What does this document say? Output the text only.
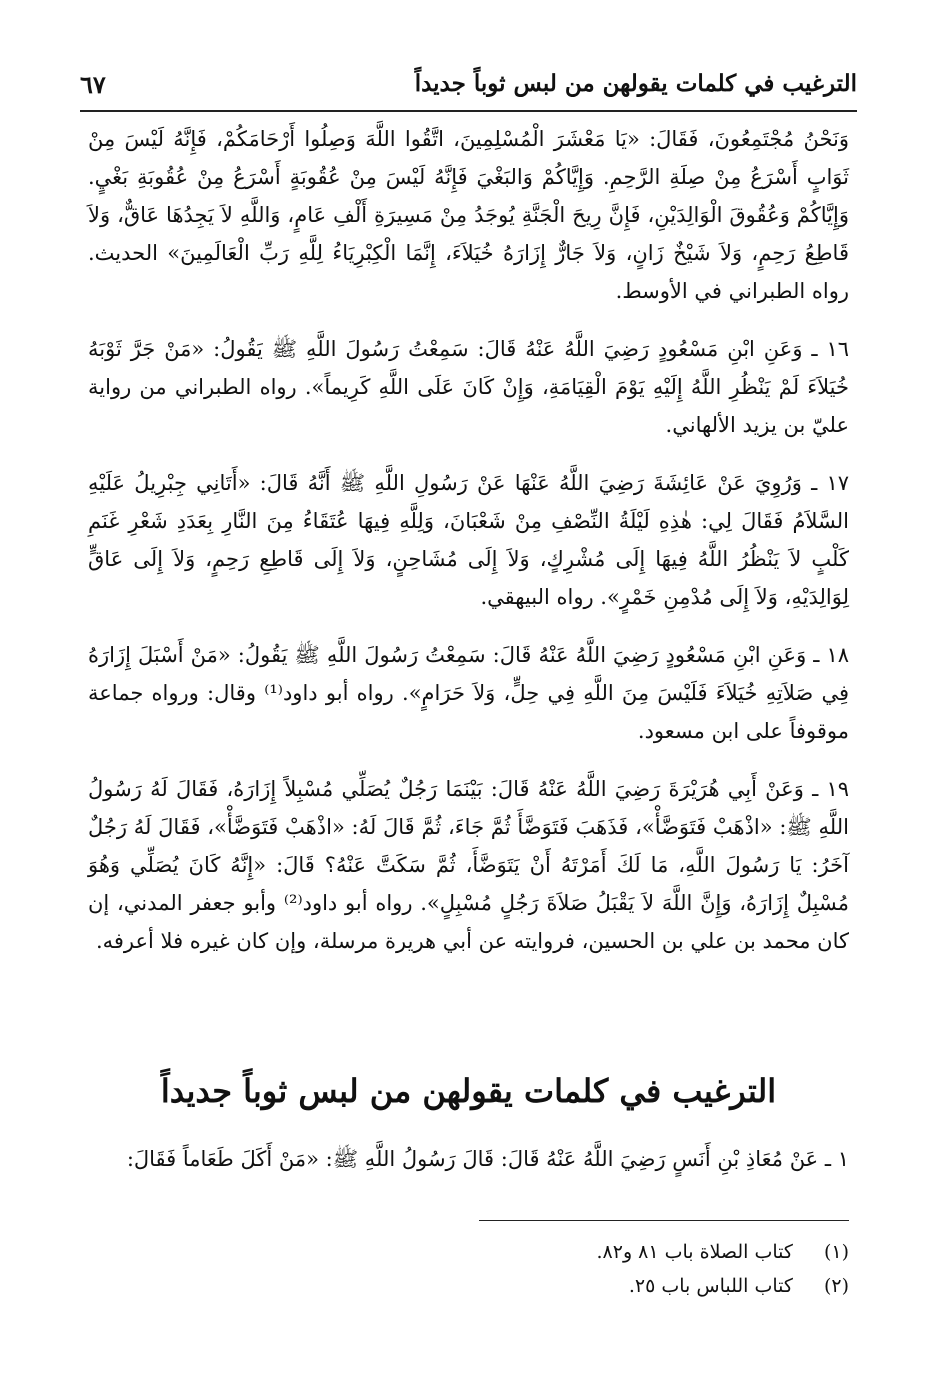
الترغيب في كلمات يقولهن من لبس ثوباً جديداً
٦٧

وَنَحْنُ مُجْتَمِعُونَ، فَقَالَ: «يَا مَعْشَرَ الْمُسْلِمِينَ، اتَّقُوا اللَّهَ وَصِلُوا أَرْحَامَكُمْ، فَإِنَّهُ لَيْسَ مِنْ ثَوَابٍ أَسْرَعُ مِنْ صِلَةِ الرَّحِمِ. وَإِيَّاكُمْ وَالبَغْيَ فَإِنَّهُ لَيْسَ مِنْ عُقُوبَةٍ أَسْرَعُ مِنْ عُقُوبَةِ بَغْيٍ. وَإِيَّاكُمْ وَعُقُوقَ الْوَالِدَيْنِ، فَإِنَّ رِيحَ الْجَنَّةِ يُوجَدُ مِنْ مَسِيرَةِ أَلْفِ عَامٍ، وَاللَّهِ لاَ يَجِدُهَا عَاقٌّ، وَلاَ قَاطِعُ رَحِمٍ، وَلاَ شَيْخٌ زَانٍ، وَلاَ جَارٌّ إِزَارَهُ خُيَلاَءَ، إِنَّمَا الْكِبْرِيَاءُ لِلَّهِ رَبِّ الْعَالَمِينَ» الحديث. رواه الطبراني في الأوسط.

١٦ ـ وَعَنِ ابْنِ مَسْعُودٍ رَضِيَ اللَّهُ عَنْهُ قَالَ: سَمِعْتُ رَسُولَ اللَّهِ ﷺ يَقُولُ: «مَنْ جَرَّ ثَوْبَهُ خُيَلاَءَ لَمْ يَنْظُرِ اللَّهُ إِلَيْهِ يَوْمَ الْقِيَامَةِ، وَإِنْ كَانَ عَلَى اللَّهِ كَرِيماً». رواه الطبراني من رواية عليّ بن يزيد الألهاني.

١٧ ـ وَرُوِيَ عَنْ عَائِشَةَ رَضِيَ اللَّهُ عَنْهَا عَنْ رَسُولِ اللَّهِ ﷺ أَنَّهُ قَالَ: «أَتَانِي جِبْرِيلُ عَلَيْهِ السَّلاَمُ فَقَالَ لِي: هٰذِهِ لَيْلَةُ النِّصْفِ مِنْ شَعْبَانَ، وَلِلَّهِ فِيهَا عُتَقَاءُ مِنَ النَّارِ بِعَدَدِ شَعْرِ غَنَمِ كَلْبٍ لاَ يَنْظُرُ اللَّهُ فِيهَا إِلَى مُشْرِكٍ، وَلاَ إِلَى مُشَاحِنٍ، وَلاَ إِلَى قَاطِعِ رَحِمٍ، وَلاَ إِلَى عَاقٍّ لِوَالِدَيْهِ، وَلاَ إِلَى مُدْمِنِ خَمْرٍ». رواه البيهقي.

١٨ ـ وَعَنِ ابْنِ مَسْعُودٍ رَضِيَ اللَّهُ عَنْهُ قَالَ: سَمِعْتُ رَسُولَ اللَّهِ ﷺ يَقُولُ: «مَنْ أَسْبَلَ إِزَارَهُ فِي صَلاَتِهِ خُيَلاَءَ فَلَيْسَ مِنَ اللَّهِ فِي حِلٍّ، وَلاَ حَرَامٍ». رواه أبو داود⁽¹⁾ وقال: ورواه جماعة موقوفاً على ابن مسعود.

١٩ ـ وَعَنْ أَبِي هُرَيْرَةَ رَضِيَ اللَّهُ عَنْهُ قَالَ: بَيْنَمَا رَجُلٌ يُصَلِّي مُسْبِلاً إِزَارَهُ، فَقَالَ لَهُ رَسُولُ اللَّهِ ﷺ: «اذْهَبْ فَتَوَضَّأْ»، فَذَهَبَ فَتَوَضَّأَ ثُمَّ جَاءَ، ثُمَّ قَالَ لَهُ: «اذْهَبْ فَتَوَضَّأْ»، فَقَالَ لَهُ رَجُلٌ آخَرُ: يَا رَسُولَ اللَّهِ، مَا لَكَ أَمَرْتَهُ أَنْ يَتَوَضَّأَ، ثُمَّ سَكَتَّ عَنْهُ؟ قَالَ: «إِنَّهُ كَانَ يُصَلِّي وَهُوَ مُسْبِلٌ إِزَارَهُ، وَإِنَّ اللَّهَ لاَ يَقْبَلُ صَلاَةَ رَجُلٍ مُسْبِلٍ». رواه أبو داود⁽²⁾ وأبو جعفر المدني، إن كان محمد بن علي بن الحسين، فروايته عن أبي هريرة مرسلة، وإن كان غيره فلا أعرفه.

الترغيب في كلمات يقولهن من لبس ثوباً جديداً
١ ـ عَنْ مُعَاذِ بْنِ أَنَسٍ رَضِيَ اللَّهُ عَنْهُ قَالَ: قَالَ رَسُولُ اللَّهِ ﷺ: «مَنْ أَكَلَ طَعَاماً فَقَالَ:
(١) كتاب الصلاة باب ٨١ و٨٢.
(٢) كتاب اللباس باب ٢٥.
